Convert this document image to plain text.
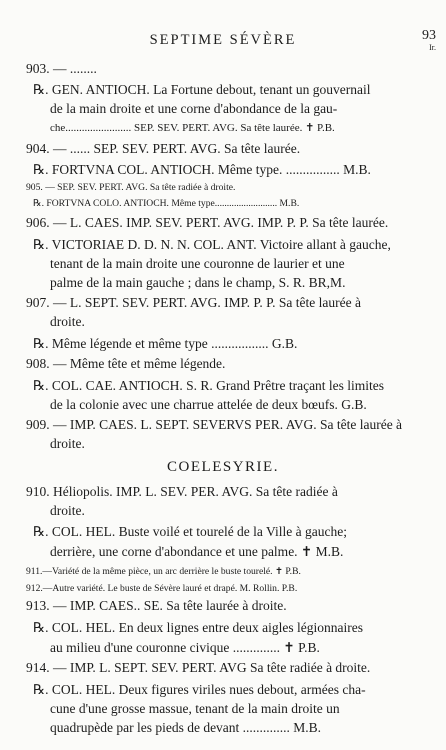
SEPTIME SÉVÈRE	93
Ir.
903. — ........
℞. GEN. ANTIOCH. La Fortune debout, tenant un gouvernail
de la main droite et une corne d'abondance de la gau-
che........................ SEP. SEV. PERT. AVG. Sa tête laurée. ✝ P.B.
904. — ...... SEP. SEV. PERT. AVG. Sa tête laurée.
℞. FORTVNA COL. ANTIOCH. Même type. ................ M.B.
905. — SEP. SEV. PERT. AVG. Sa tête radiée à droite.
℞. FORTVNA COLO. ANTIOCH. Même type.......................... M.B.
906. — L. CAES. IMP. SEV. PERT. AVG. IMP. P. P. Sa tête laurée.
℞. VICTORIAE D. D. N. N. COL. ANT. Victoire allant à gauche,
tenant de la main droite une couronne de laurier et une
palme de la main gauche ; dans le champ, S. R. BR,M.
907. — L. SEPT. SEV. PERT. AVG. IMP. P. P. Sa tête laurée à
droite.
℞. Même légende et même type ................. G.B.
908. — Même tête et même légende.
℞. COL. CAE. ANTIOCH. S. R. Grand Prêtre traçant les limites
de la colonie avec une charrue attelée de deux bœufs. G.B.
909. — IMP. CAES. L. SEPT. SEVERVS PER. AVG. Sa tête laurée à
droite.
COELESYRIE.
910. Héliopolis. IMP. L. SEV. PER. AVG. Sa tête radiée à
droite.
℞. COL. HEL. Buste voilé et tourelé de la Ville à gauche;
derrière, une corne d'abondance et une palme. ✝ M.B.
911.—Variété de la même pièce, un arc derrière le buste tourelé. ✝ P.B.
912.—Autre variété. Le buste de Sévère lauré et drapé. M. Rollin. P.B.
913. — IMP. CAES.. SE. Sa tête laurée à droite.
℞. COL. HEL. En deux lignes entre deux aigles légionnaires
au milieu d'une couronne civique .............. ✝ P.B.
914. — IMP. L. SEPT. SEV. PERT. AVG Sa tête radiée à droite.
℞. COL. HEL. Deux figures viriles nues debout, armées cha-
cune d'une grosse massue, tenant de la main droite un
quadrupède par les pieds de devant .............. M.B.
